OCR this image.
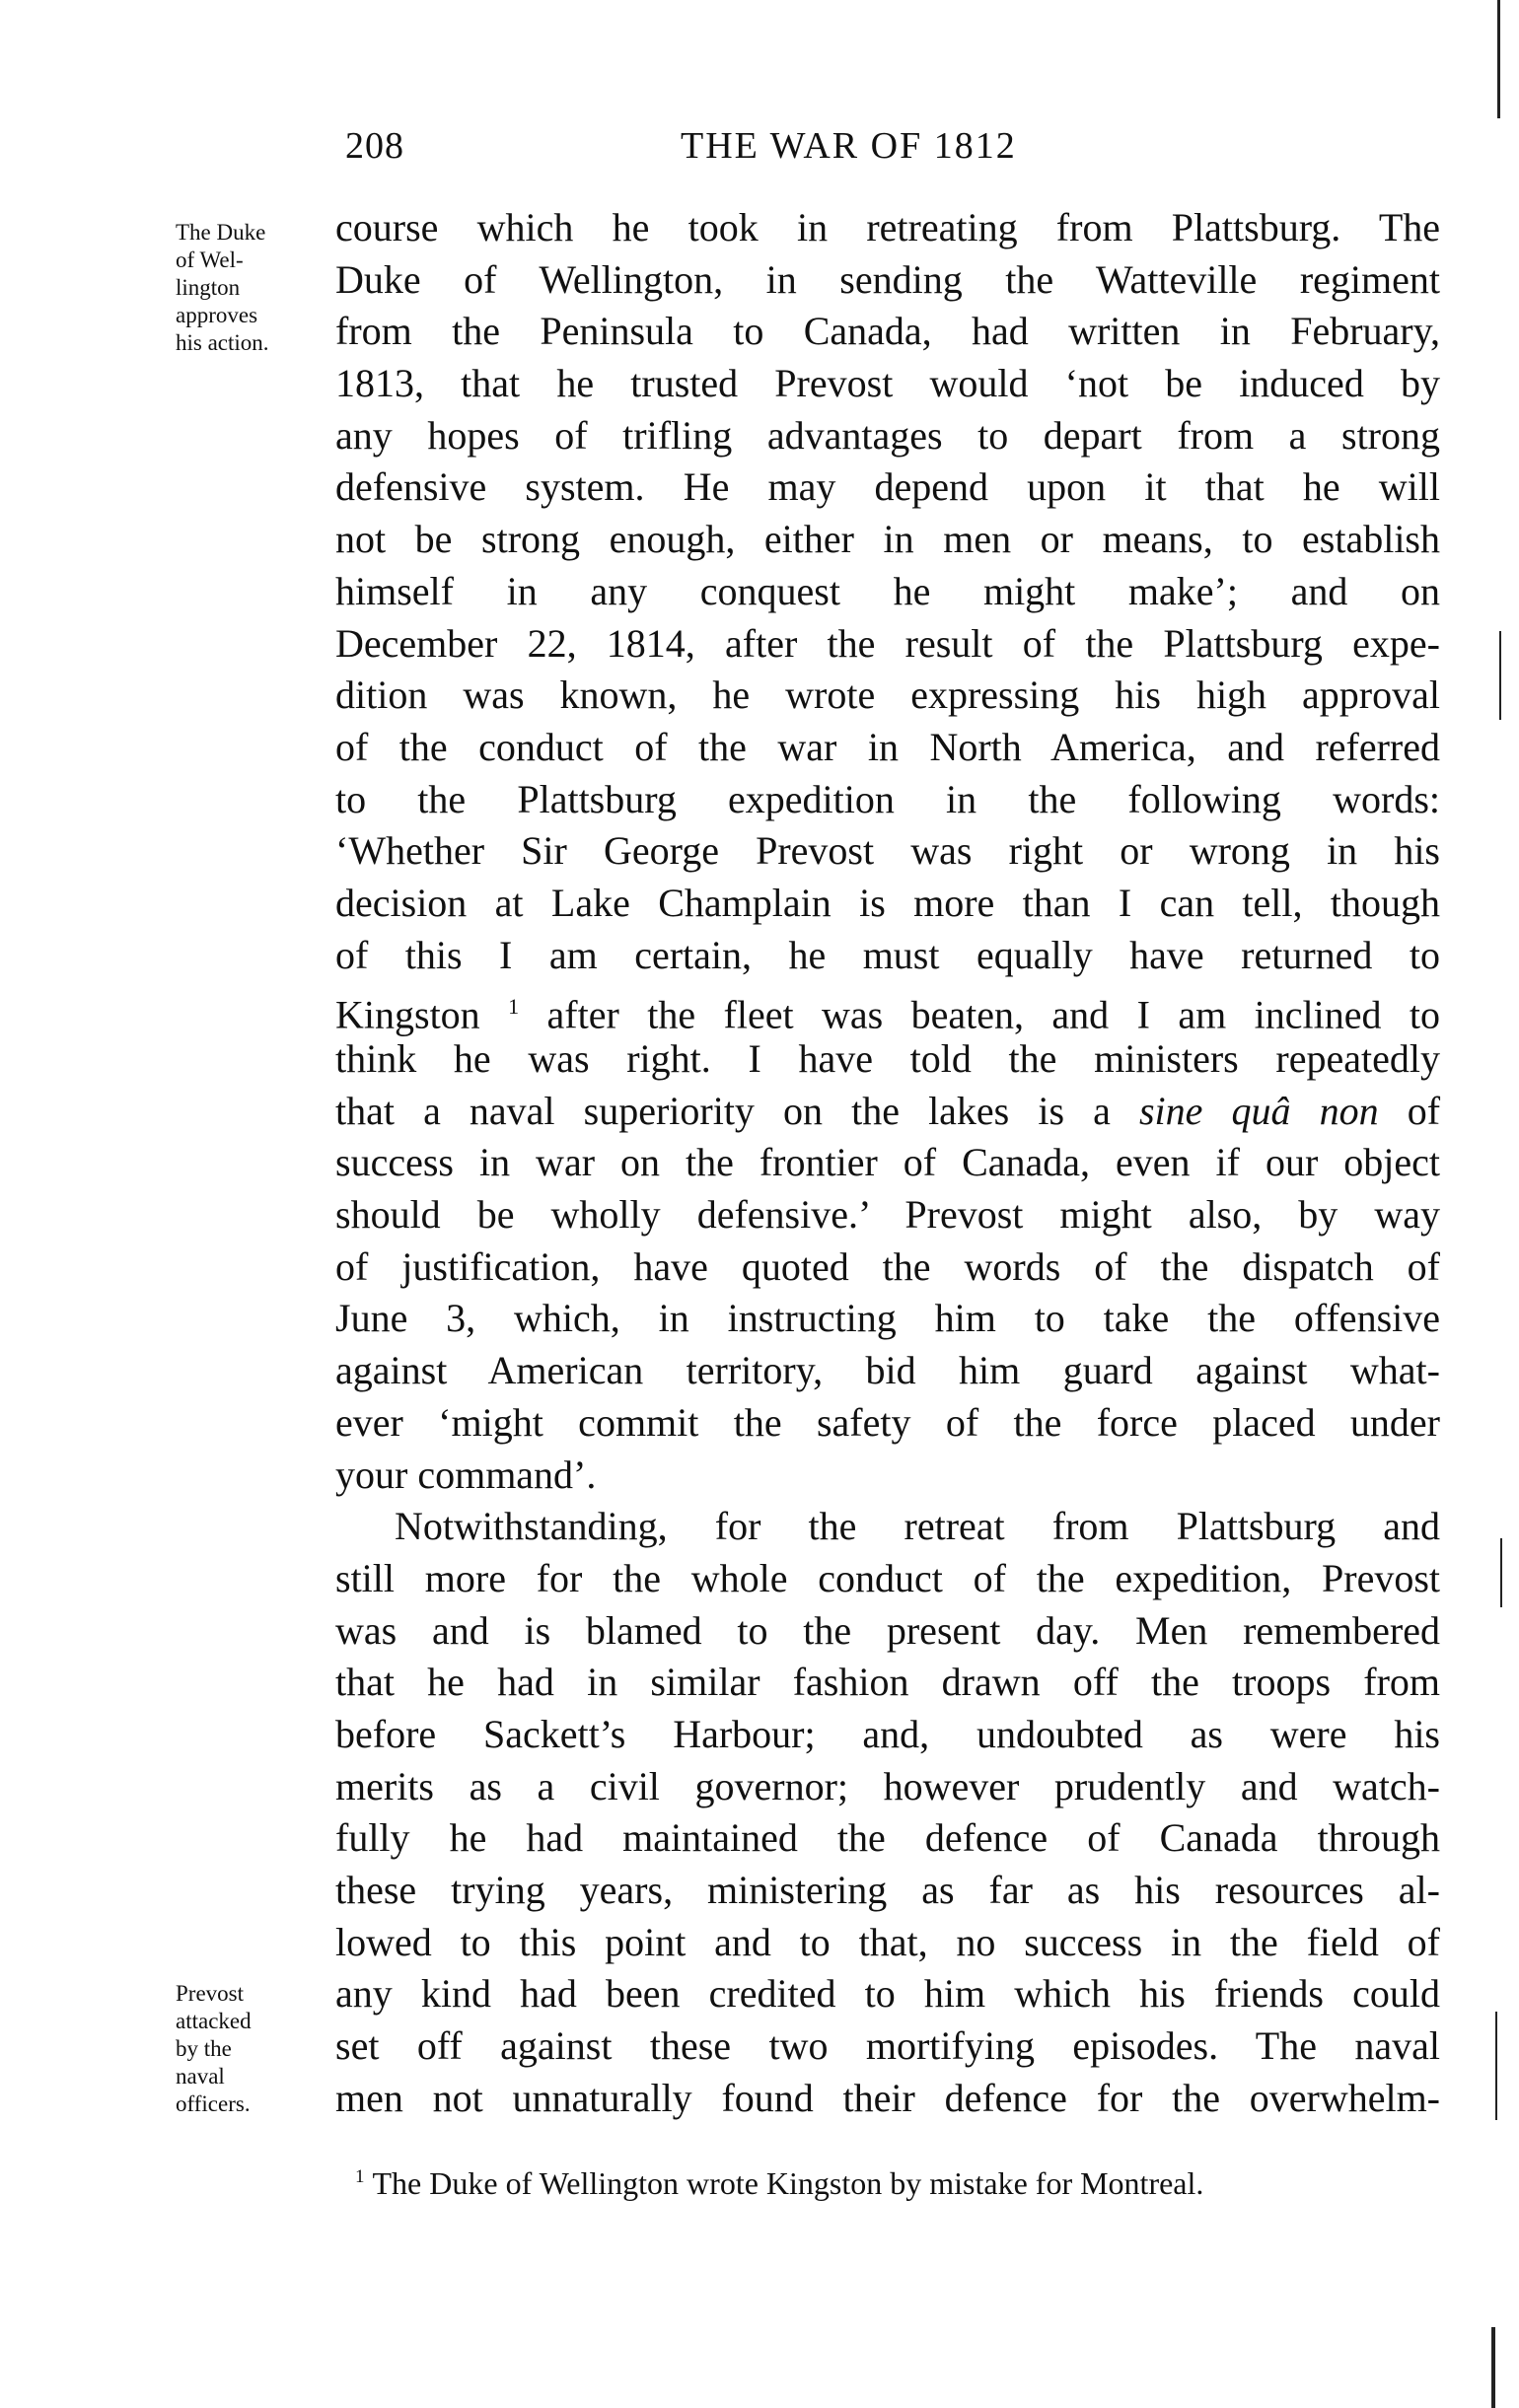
208	THE WAR OF 1812
The Duke
of Wel-
lington
approves
his action.
Prevost
attacked
by the
naval
officers.
course which he took in retreating from Plattsburg. The
Duke of Wellington, in sending the Watteville regiment
from the Peninsula to Canada, had written in February,
1813, that he trusted Prevost would ‘not be induced by
any hopes of trifling advantages to depart from a strong
defensive system. He may depend upon it that he will
not be strong enough, either in men or means, to establish
himself in any conquest he might make’; and on
December 22, 1814, after the result of the Plattsburg expe-
dition was known, he wrote expressing his high approval
of the conduct of the war in North America, and referred
to the Plattsburg expedition in the following words:
‘Whether Sir George Prevost was right or wrong in his
decision at Lake Champlain is more than I can tell, though
of this I am certain, he must equally have returned to
Kingston $^1$ after the fleet was beaten, and I am inclined to
think he was right. I have told the ministers repeatedly
that a naval superiority on the lakes is a sine quâ non of
success in war on the frontier of Canada, even if our object
should be wholly defensive.’ Prevost might also, by way
of justification, have quoted the words of the dispatch of
June 3, which, in instructing him to take the offensive
against American territory, bid him guard against what-
ever ‘might commit the safety of the force placed under
your command’.
Notwithstanding, for the retreat from Plattsburg and
still more for the whole conduct of the expedition, Prevost
was and is blamed to the present day. Men remembered
that he had in similar fashion drawn off the troops from
before Sackett’s Harbour; and, undoubted as were his
merits as a civil governor; however prudently and watch-
fully he had maintained the defence of Canada through
these trying years, ministering as far as his resources al-
lowed to this point and to that, no success in the field of
any kind had been credited to him which his friends could
set off against these two mortifying episodes. The naval
men not unnaturally found their defence for the overwhelm-
$^1$ The Duke of Wellington wrote Kingston by mistake for Montreal.
